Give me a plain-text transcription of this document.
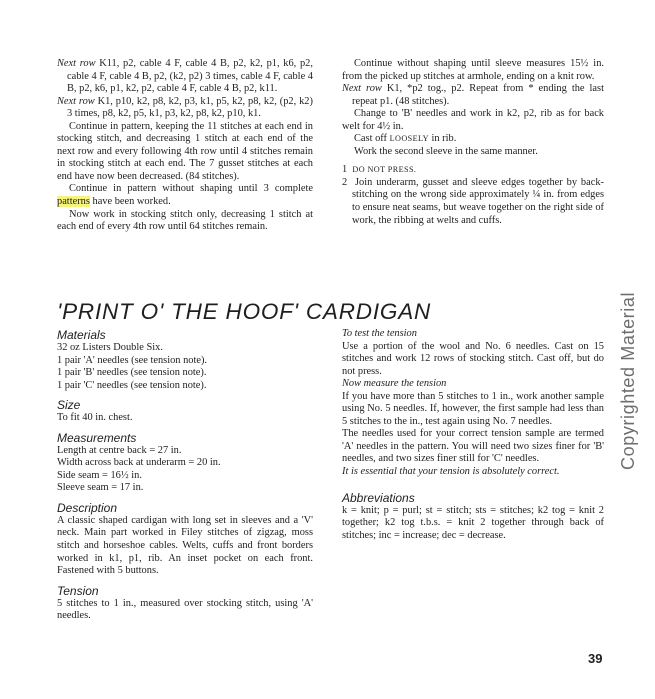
Next row K11, p2, cable 4 F, cable 4 B, p2, k2, p1, k6, p2, cable 4 F, cable 4 B, p2, (k2, p2) 3 times, cable 4 F, cable 4 B, p2, k6, p1, k2, p2, cable 4 F, cable 4 B, p2, k11.

Next row K1, p10, k2, p8, k2, p3, k1, p5, k2, p8, k2, (p2, k2) 3 times, p8, k2, p5, k1, p3, k2, p8, k2, p10, k1.

Continue in pattern, keeping the 11 stitches at each end in stocking stitch, and decreasing 1 stitch at each end of the next row and every following 4th row until 4 stitches remain in stocking stitch at each end. The 7 gusset stitches at each end have now been decreased. (84 stitches).

Continue in pattern without shaping until 3 complete patterns have been worked.

Now work in stocking stitch only, decreasing 1 stitch at each end of every 4th row until 64 stitches remain.

Continue without shaping until sleeve measures 15½ in. from the picked up stitches at armhole, ending on a knit row.

Next row K1, *p2 tog., p2. Repeat from * ending the last repeat p1. (48 stitches).

Change to 'B' needles and work in k2, p2, rib as for back welt for 4½ in.

Cast off LOOSELY in rib.

Work the second sleeve in the same manner.

1 DO NOT PRESS.

2 Join underarm, gusset and sleeve edges together by back-stitching on the wrong side approximately ¼ in. from edges to ensure neat seams, but weave together on the right side of work, the ribbing at welts and cuffs.

'PRINT O' THE HOOF' CARDIGAN

Materials

32 oz Listers Double Six.

1 pair 'A' needles (see tension note).

1 pair 'B' needles (see tension note).

1 pair 'C' needles (see tension note).

Size

To fit 40 in. chest.

Measurements

Length at centre back = 27 in.

Width across back at underarm = 20 in.

Side seam = 16½ in.

Sleeve seam = 17 in.

Description

A classic shaped cardigan with long set in sleeves and a 'V' neck. Main part worked in Filey stitches of zigzag, moss stitch and horseshoe cables. Welts, cuffs and front borders worked in k1, p1, rib. An inset pocket on each front. Fastened with 5 buttons.

Tension

5 stitches to 1 in., measured over stocking stitch, using 'A' needles.

To test the tension

Use a portion of the wool and No. 6 needles. Cast on 15 stitches and work 12 rows of stocking stitch. Cast off, but do not press.

Now measure the tension

If you have more than 5 stitches to 1 in., work another sample using No. 5 needles. If, however, the first sample had less than 5 stitches to the in., test again using No. 7 needles.

The needles used for your correct tension sample are termed 'A' needles in the pattern. You will need two sizes finer for 'B' needles, and two sizes finer still for 'C' needles.

It is essential that your tension is absolutely correct.

Abbreviations

k = knit; p = purl; st = stitch; sts = stitches; k2 tog = knit 2 together; k2 tog t.b.s. = knit 2 together through back of stitches; inc = increase; dec = decrease.

Copyrighted Material

39
